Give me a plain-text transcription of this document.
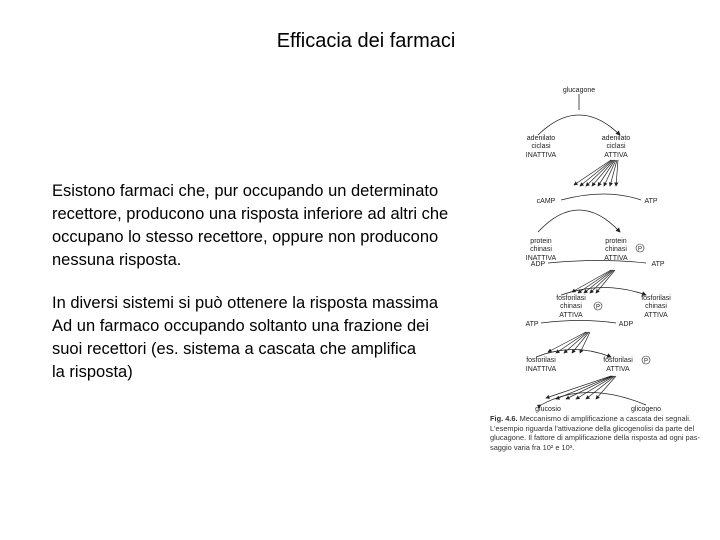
Efficacia dei farmaci
Esistono farmaci che, pur occupando un determinato
recettore, producono una risposta inferiore ad altri che
occupano lo stesso recettore, oppure non producono
nessuna risposta.
In diversi sistemi si può ottenere la risposta massima
Ad un farmaco occupando soltanto una frazione dei
suoi recettori (es. sistema a cascata che amplifica
la risposta)
glucagone
adenilato
ciclasi
INATTIVA
adenilato
ciclasi
ATTIVA
cAMP	ATP
protein
chinasi
INATTIVA
protein
chinasi
ATTIVA
P
ADP	ATP
fosforilasi
chinasi
ATTIVA
fosforilasi
chinasi
ATTIVA
P
ATP	ADP
fosforilasi
INATTIVA
fosforilasi
ATTIVA
P
glucosio	glicogeno
Fig. 4.6. Meccanismo di amplificazione a cascata dei segnali.
L'esempio riguarda l'attivazione della glicogenolisi da parte del
glucagone. Il fattore di amplificazione della risposta ad ogni pas-
saggio varia fra 10² e 10³.
